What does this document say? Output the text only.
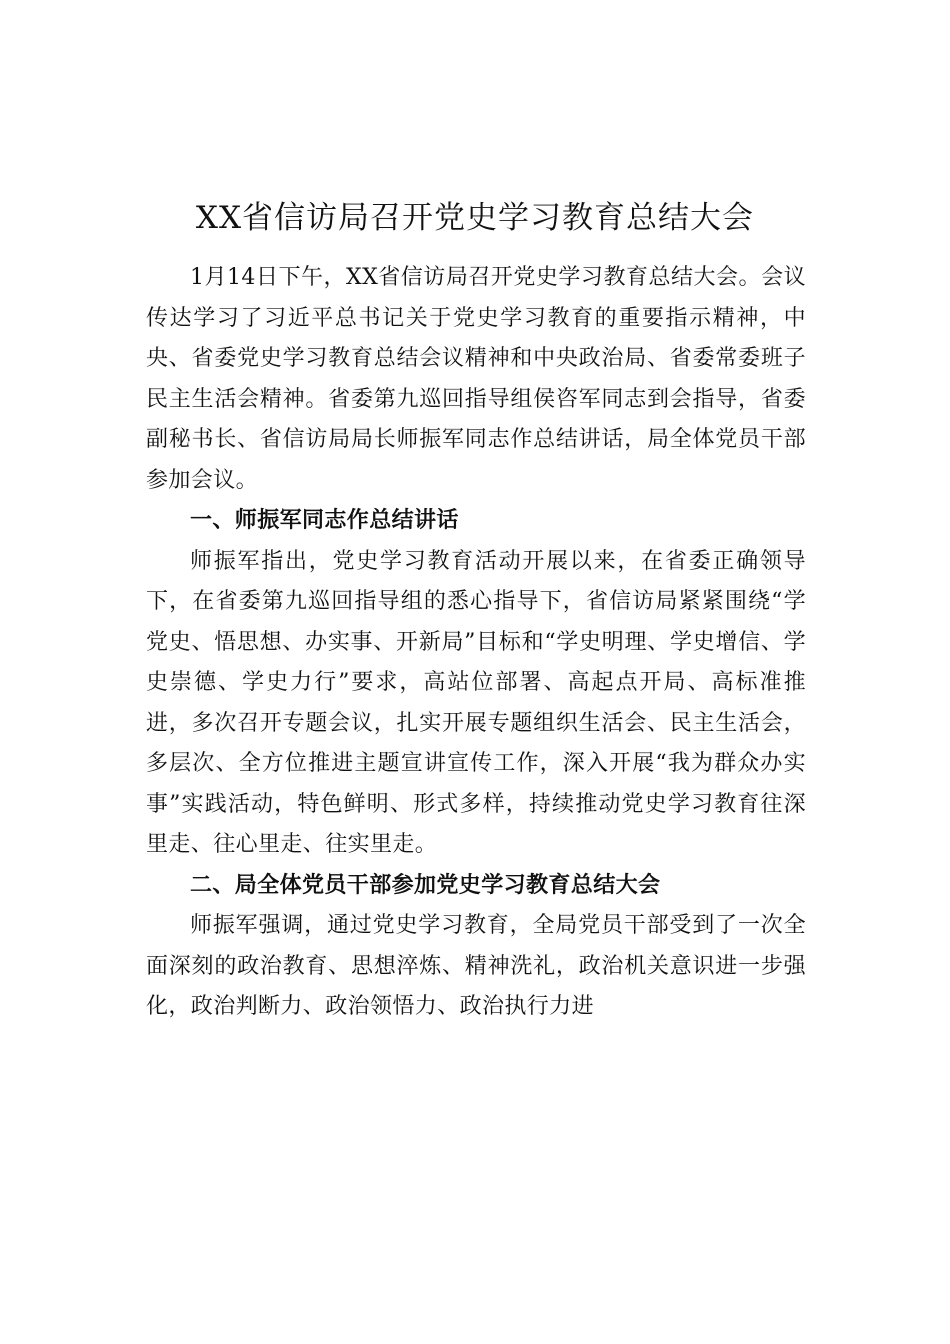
XX省信访局召开党史学习教育总结大会

1月14日下午，XX省信访局召开党史学习教育总结大会。会议传达学习了习近平总书记关于党史学习教育的重要指示精神，中央、省委党史学习教育总结会议精神和中央政治局、省委常委班子民主生活会精神。省委第九巡回指导组侯咨军同志到会指导，省委副秘书长、省信访局局长师振军同志作总结讲话，局全体党员干部参加会议。

一、师振军同志作总结讲话

师振军指出，党史学习教育活动开展以来，在省委正确领导下，在省委第九巡回指导组的悉心指导下，省信访局紧紧围绕“学党史、悟思想、办实事、开新局”目标和“学史明理、学史增信、学史崇德、学史力行”要求，高站位部署、高起点开局、高标准推进，多次召开专题会议，扎实开展专题组织生活会、民主生活会，多层次、全方位推进主题宣讲宣传工作，深入开展“我为群众办实事”实践活动，特色鲜明、形式多样，持续推动党史学习教育往深里走、往心里走、往实里走。

二、局全体党员干部参加党史学习教育总结大会

师振军强调，通过党史学习教育，全局党员干部受到了一次全面深刻的政治教育、思想淬炼、精神洗礼，政治机关意识进一步强化，政治判断力、政治领悟力、政治执行力进
